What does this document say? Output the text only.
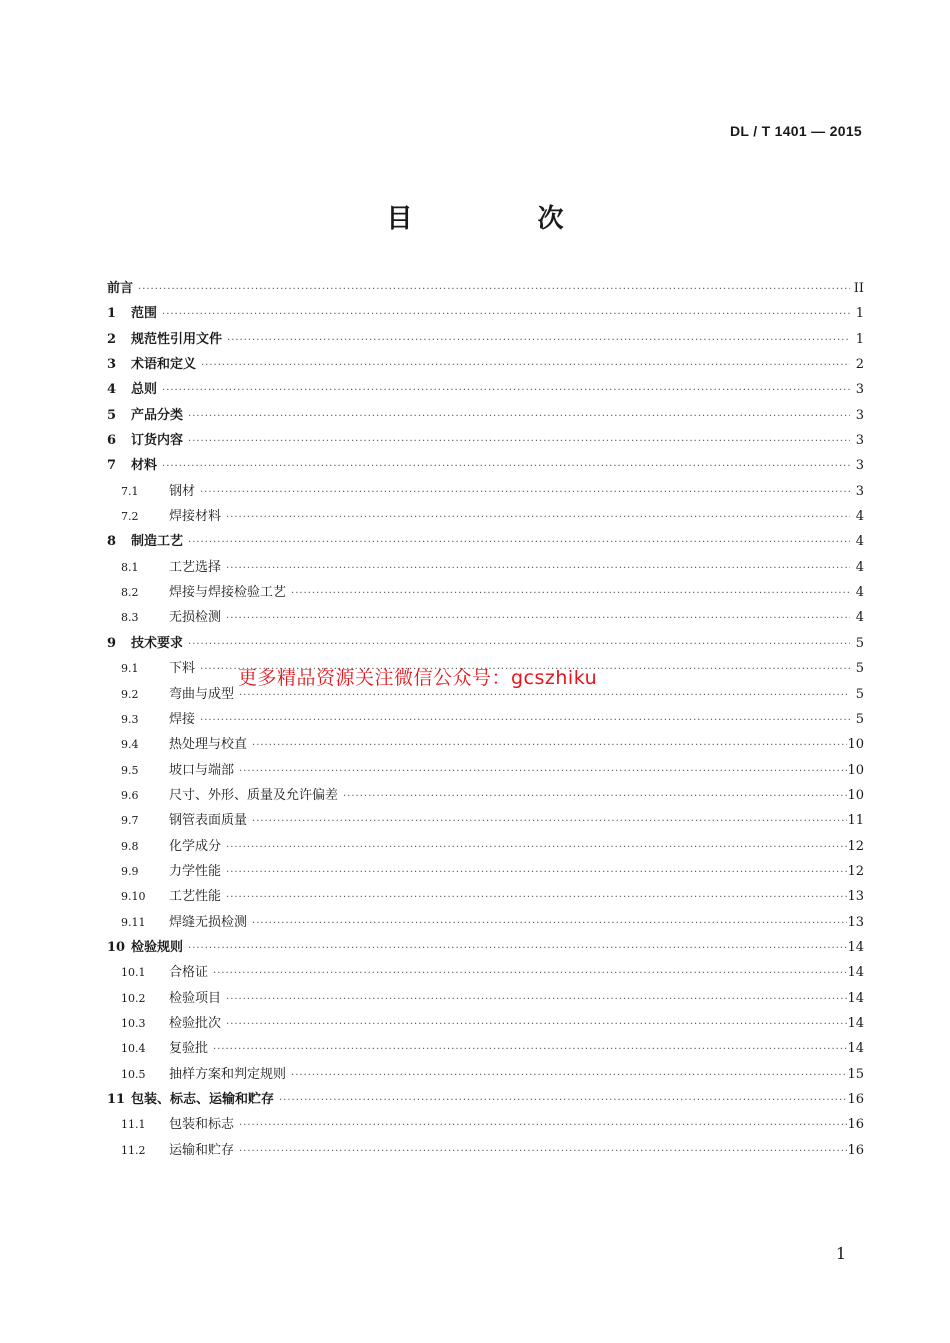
DL / T 1401 — 2015
目 次
前言 ·····	II
1	范围 ·····	1
2	规范性引用文件 ·····	1
3	术语和定义 ·····	2
4	总则 ·····	3
5	产品分类 ·····	3
6	订货内容 ·····	3
7	材料 ·····	3
7.1	钢材 ·····	3
7.2	焊接材料 ·····	4
8	制造工艺 ·····	4
8.1	工艺选择 ·····	4
8.2	焊接与焊接检验工艺 ·····	4
8.3	无损检测 ·····	4
9	技术要求 ·····	5
9.1	下料 ·····	5
9.2	弯曲与成型 ·····	5
9.3	焊接 ·····	5
9.4	热处理与校直 ·····	10
9.5	坡口与端部 ·····	10
9.6	尺寸、外形、质量及允许偏差 ·····	10
9.7	钢管表面质量 ·····	11
9.8	化学成分 ·····	12
9.9	力学性能 ·····	12
9.10	工艺性能 ·····	13
9.11	焊缝无损检测 ·····	13
10 检验规则 ·····	14
10.1	合格证 ·····	14
10.2	检验项目 ·····	14
10.3	检验批次 ·····	14
10.4	复验批 ·····	14
10.5	抽样方案和判定规则 ·····	15
11 包装、标志、运输和贮存 ·····	16
11.1	包装和标志 ·····	16
11.2	运输和贮存 ·····	16
更多精品资源关注微信公众号：gcszhiku
1
